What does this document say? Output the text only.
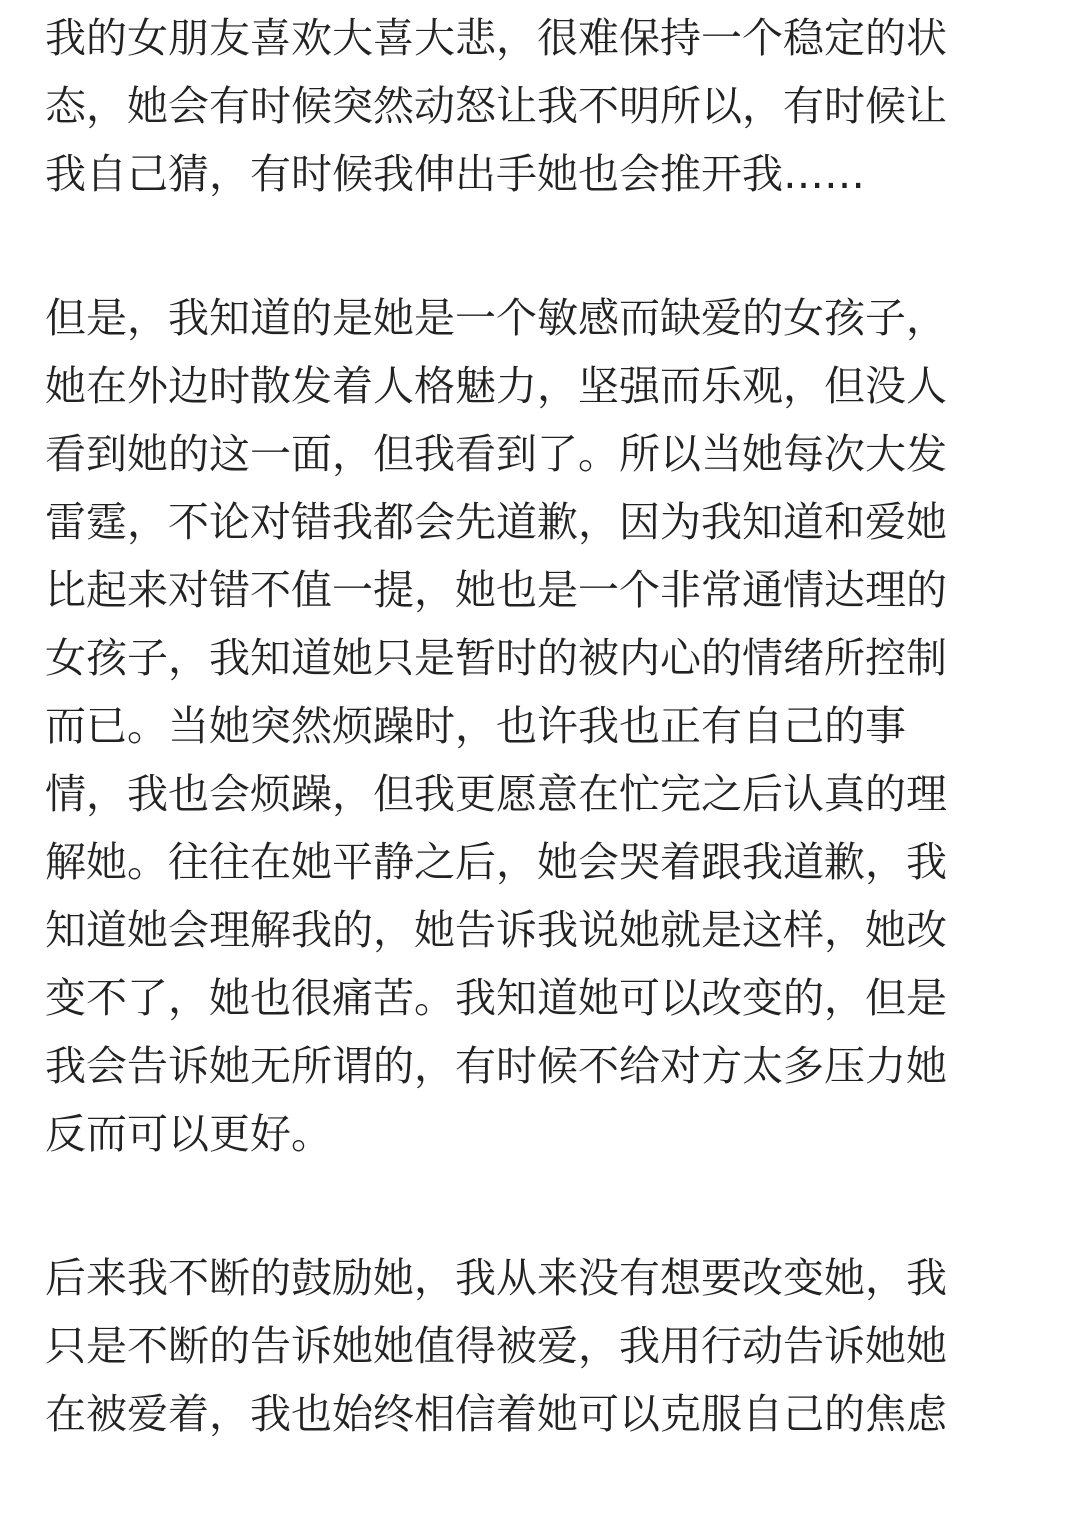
我的女朋友喜欢大喜大悲，很难保持一个稳定的状
态，她会有时候突然动怒让我不明所以，有时候让
我自己猜，有时候我伸出手她也会推开我……

但是，我知道的是她是一个敏感而缺爱的女孩子，
她在外边时散发着人格魅力，坚强而乐观，但没人
看到她的这一面，但我看到了。所以当她每次大发
雷霆，不论对错我都会先道歉，因为我知道和爱她
比起来对错不值一提，她也是一个非常通情达理的
女孩子，我知道她只是暂时的被内心的情绪所控制
而已。当她突然烦躁时，也许我也正有自己的事
情，我也会烦躁，但我更愿意在忙完之后认真的理
解她。往往在她平静之后，她会哭着跟我道歉，我
知道她会理解我的，她告诉我说她就是这样，她改
变不了，她也很痛苦。我知道她可以改变的，但是
我会告诉她无所谓的，有时候不给对方太多压力她
反而可以更好。

后来我不断的鼓励她，我从来没有想要改变她，我
只是不断的告诉她她值得被爱，我用行动告诉她她
在被爱着，我也始终相信着她可以克服自己的焦虑
